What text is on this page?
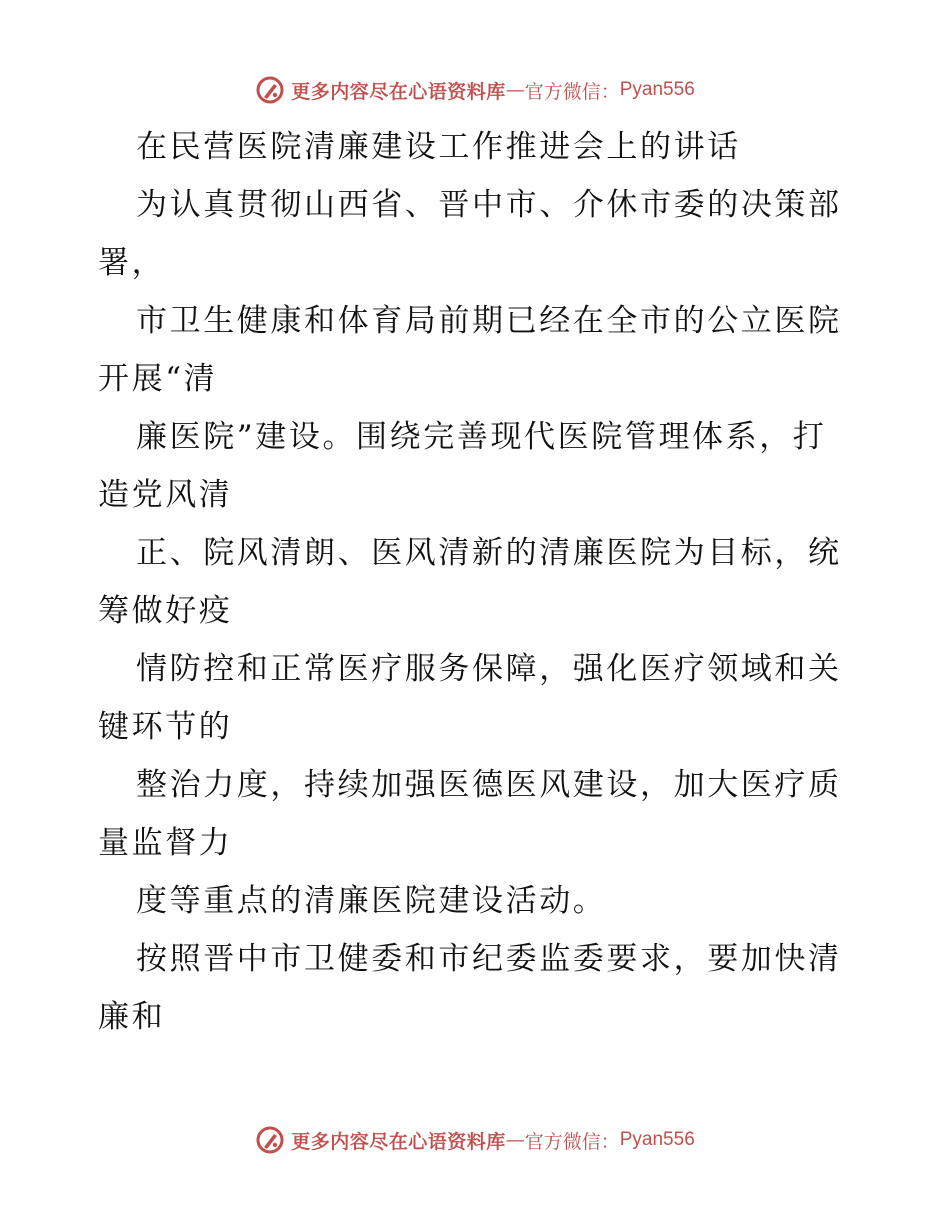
更多内容尽在心语资料库 — 官方微信： Pyan556
在民营医院清廉建设工作推进会上的讲话
为认真贯彻山西省、晋中市、介休市委的决策部
署，
市卫生健康和体育局前期已经在全市的公立医院
开展“清
廉医院”建设。围绕完善现代医院管理体系，打
造党风清
正、院风清朗、医风清新的清廉医院为目标，统
筹做好疫
情防控和正常医疗服务保障，强化医疗领域和关
键环节的
整治力度，持续加强医德医风建设，加大医疗质
量监督力
度等重点的清廉医院建设活动。
按照晋中市卫健委和市纪委监委要求，要加快清
廉和
更多内容尽在心语资料库 — 官方微信： Pyan556
